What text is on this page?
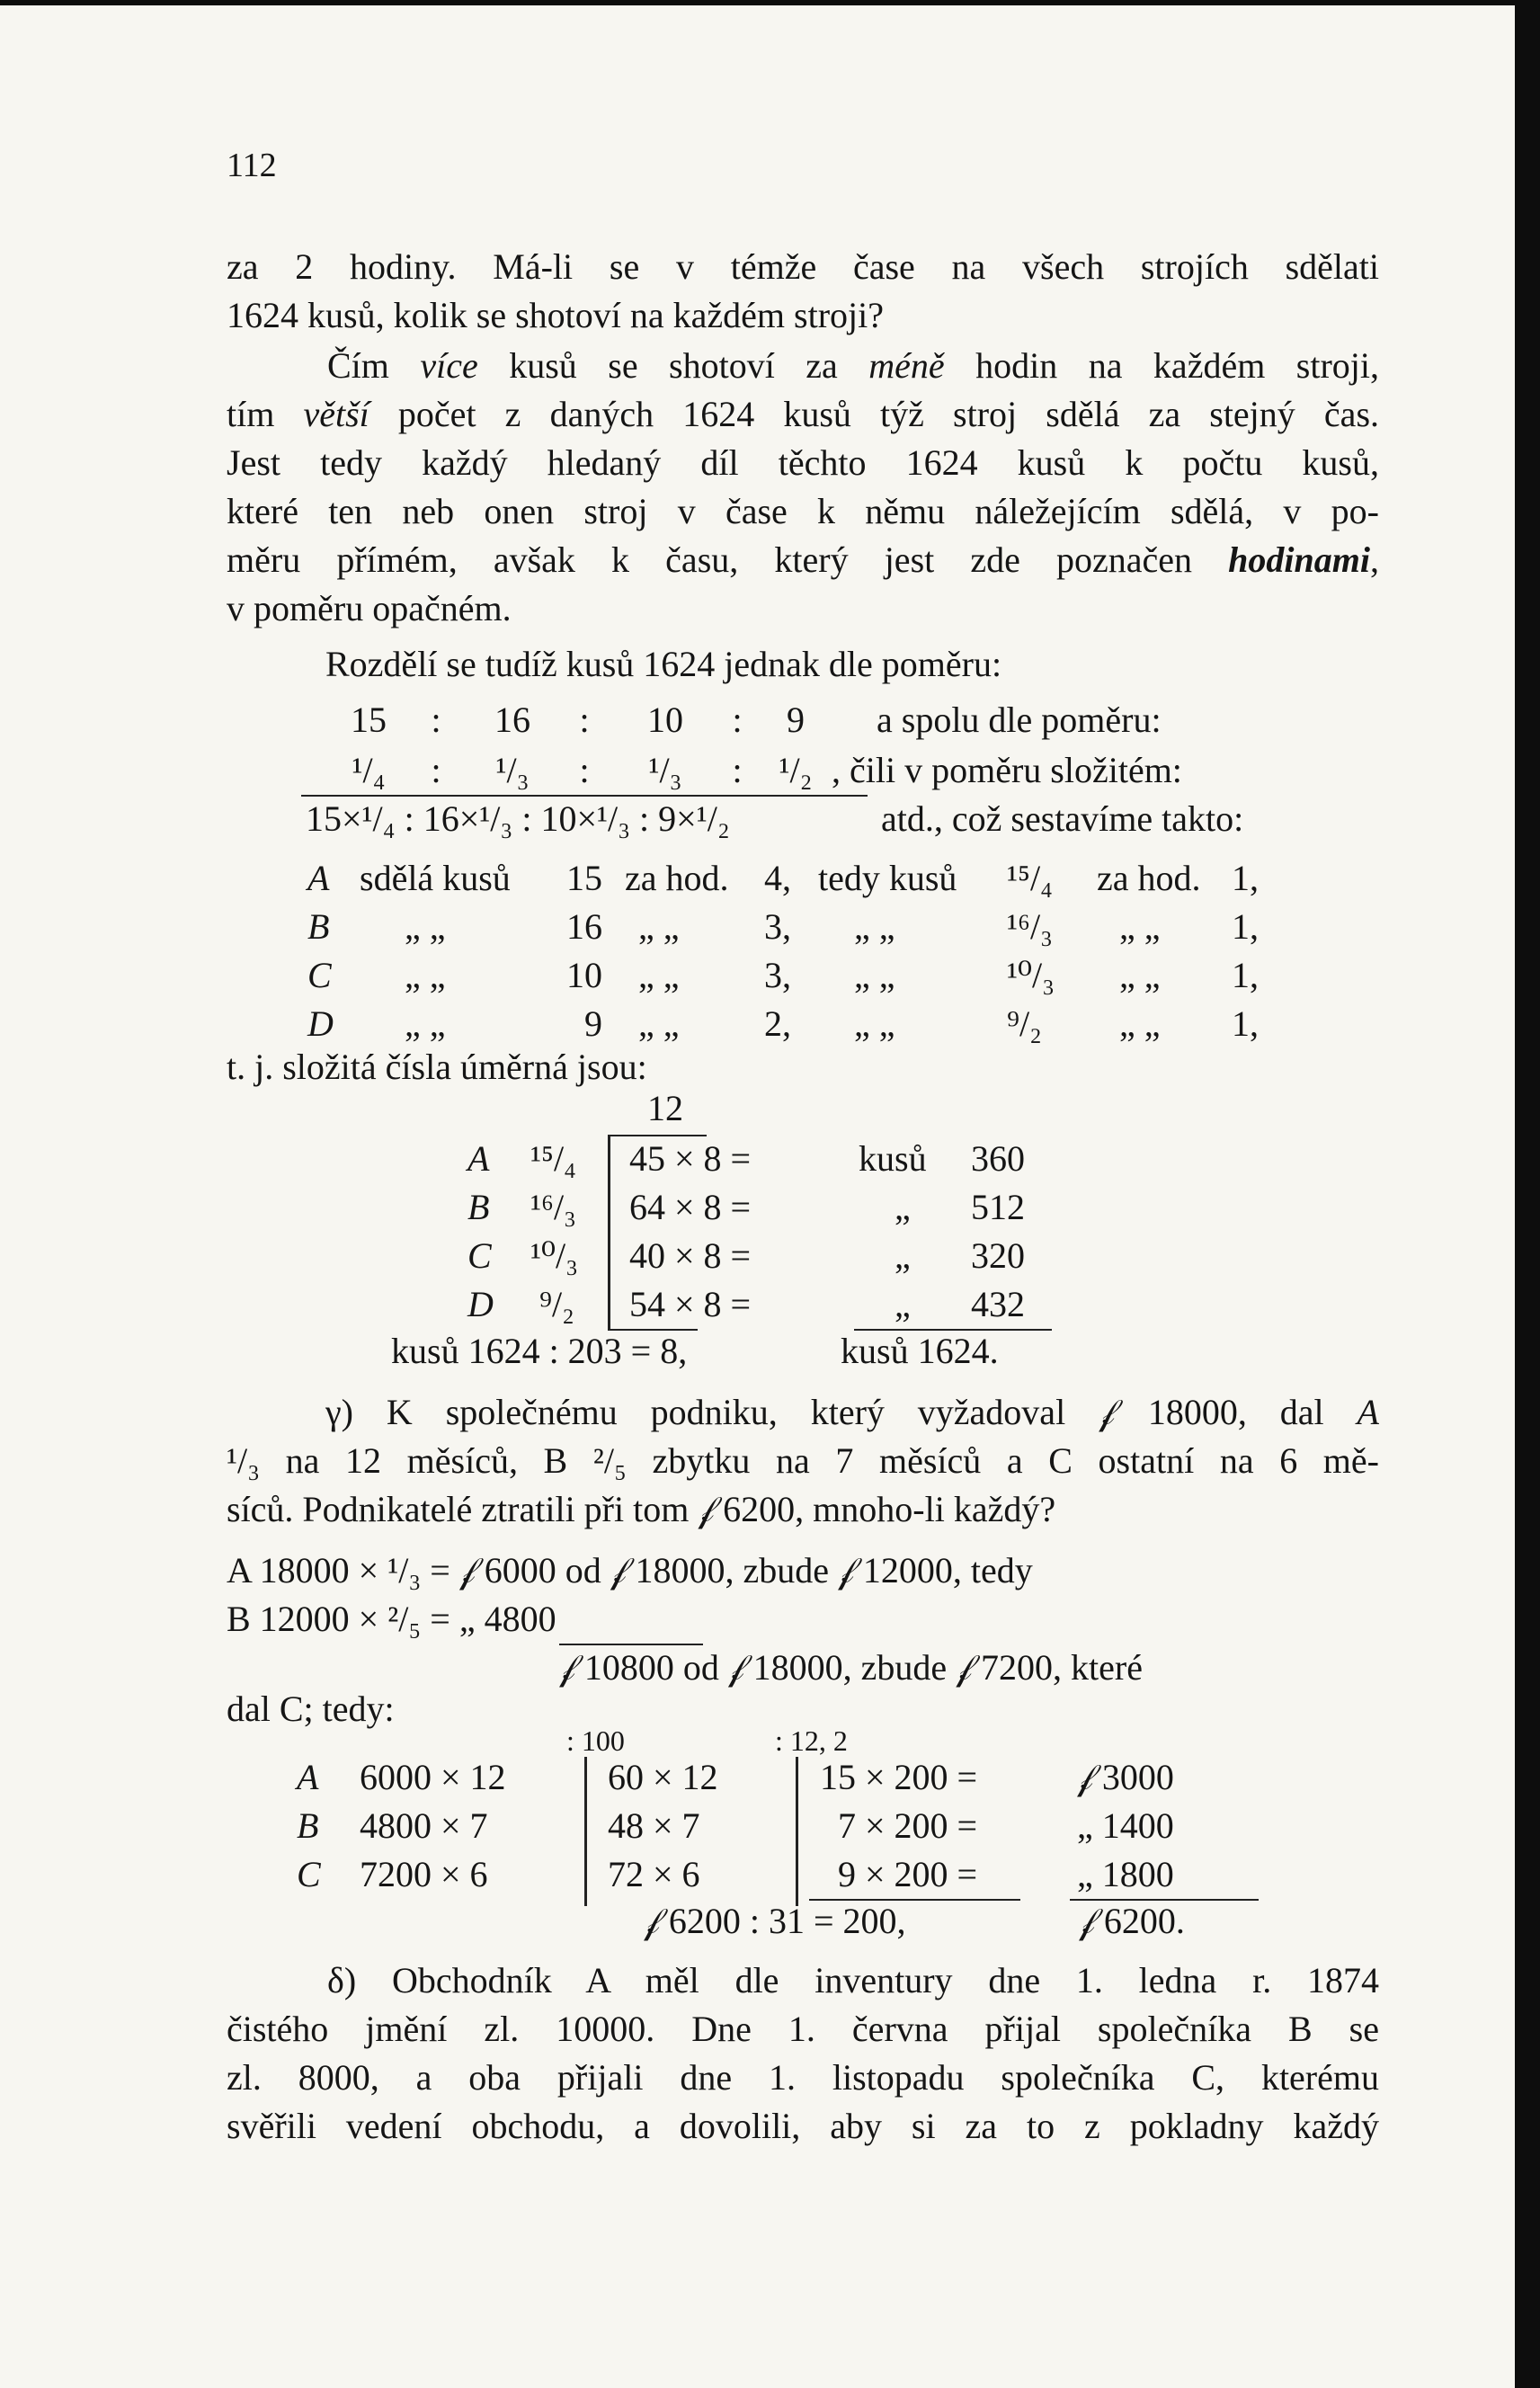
112
za 2 hodiny. Má-li se v témže čase na všech strojích sdělati
1624 kusů, kolik se shotoví na každém stroji?
Čím více kusů se shotoví za méně hodin na každém stroji,
tím větší počet z daných 1624 kusů týž stroj sdělá za stejný čas.
Jest tedy každý hledaný díl těchto 1624 kusů k počtu kusů,
které ten neb onen stroj v čase k němu náležejícím sdělá, v po-
měru přímém, avšak k času, který jest zde poznačen hodinami,
v poměru opačném.
Rozdělí se tudíž kusů 1624 jednak dle poměru:
15 : 16 : 10 : 9 a spolu dle poměru:
¹/₄ : ¹/₃ : ¹/₃ : ¹/₂ , čili v poměru složitém:
15×¹/₄ : 16×¹/₃ : 10×¹/₃ : 9×¹/₂	atd., což sestavíme takto:
A sdělá kusů	15 za hod. 4, tedy kusů ¹⁵/₄ za hod. 1,
B „ „	16 „ „	3, „ „	¹⁶/₃ „ „ 1,
C „ „	10 „ „	3, „ „	¹⁰/₃ „ „ 1,
D „ „	9 „ „	2, „ „	⁹/₂ „ „ 1,
t. j. složitá čísla úměrná jsou:
12
A ¹⁵/₄ 45 × 8 =	kusů	360
B ¹⁶/₃ 64 × 8 =	„	512
C ¹⁰/₃ 40 × 8 =	„	320
D ⁹/₂ 54 × 8 =	„	432
kusů 1624 : 203 = 8,	kusů 1624.
γ) K společnému podniku, který vyžadoval 𝒻 18000, dal A
¹/₃ na 12 měsíců, B ²/₅ zbytku na 7 měsíců a C ostatní na 6 mě-
síců. Podnikatelé ztratili při tom 𝒻 6200, mnoho-li každý?
A 18000 × ¹/₃ = 𝒻 6000 od 𝒻 18000, zbude 𝒻 12000, tedy
B 12000 × ²/₅ = „ 4800
𝒻 10800 od 𝒻 18000, zbude 𝒻 7200, které
dal C; tedy:
: 100	: 12, 2
A 6000 × 12	60 × 12	15 × 200 =	𝒻 3000
B 4800 × 7	48 × 7	7 × 200 =	„ 1400
C 7200 × 6	72 × 6	9 × 200 =	„ 1800
𝒻 6200 : 31 = 200,	𝒻 6200.
δ) Obchodník A měl dle inventury dne 1. ledna r. 1874
čistého jmění zl. 10000. Dne 1. června přijal společníka B se
zl. 8000, a oba přijali dne 1. listopadu společníka C, kterému
svěřili vedení obchodu, a dovolili, aby si za to z pokladny každý
